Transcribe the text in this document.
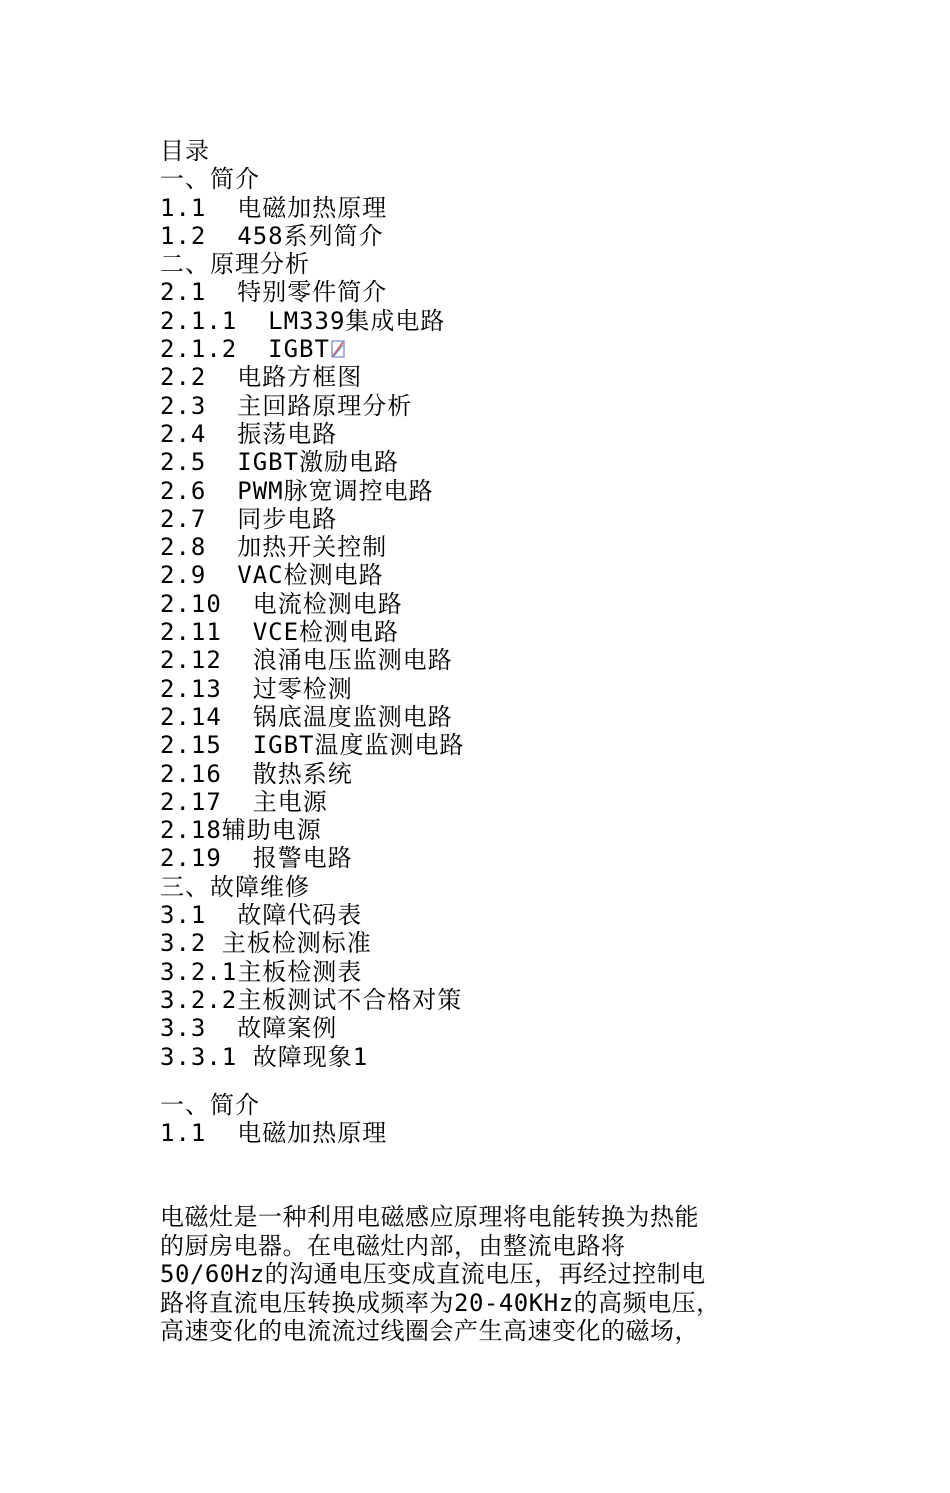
目录
一、简介
1.1  电磁加热原理
1.2  458系列简介
二、原理分析
2.1  特别零件简介
2.1.1  LM339集成电路
2.1.2  IGBT
2.2  电路方框图
2.3  主回路原理分析
2.4  振荡电路
2.5  IGBT激励电路
2.6  PWM脉宽调控电路
2.7  同步电路
2.8  加热开关控制
2.9  VAC检测电路
2.10  电流检测电路
2.11  VCE检测电路
2.12  浪涌电压监测电路
2.13  过零检测
2.14  锅底温度监测电路
2.15  IGBT温度监测电路
2.16  散热系统
2.17  主电源
2.18辅助电源
2.19  报警电路
三、故障维修
3.1  故障代码表
3.2 主板检测标准
3.2.1主板检测表
3.2.2主板测试不合格对策
3.3  故障案例
3.3.1 故障现象1
一、简介
1.1  电磁加热原理
电磁灶是一种利用电磁感应原理将电能转换为热能
的厨房电器。在电磁灶内部，由整流电路将
50/60Hz的沟通电压变成直流电压，再经过控制电
路将直流电压转换成频率为20-40KHz的高频电压，
高速变化的电流流过线圈会产生高速变化的磁场，
